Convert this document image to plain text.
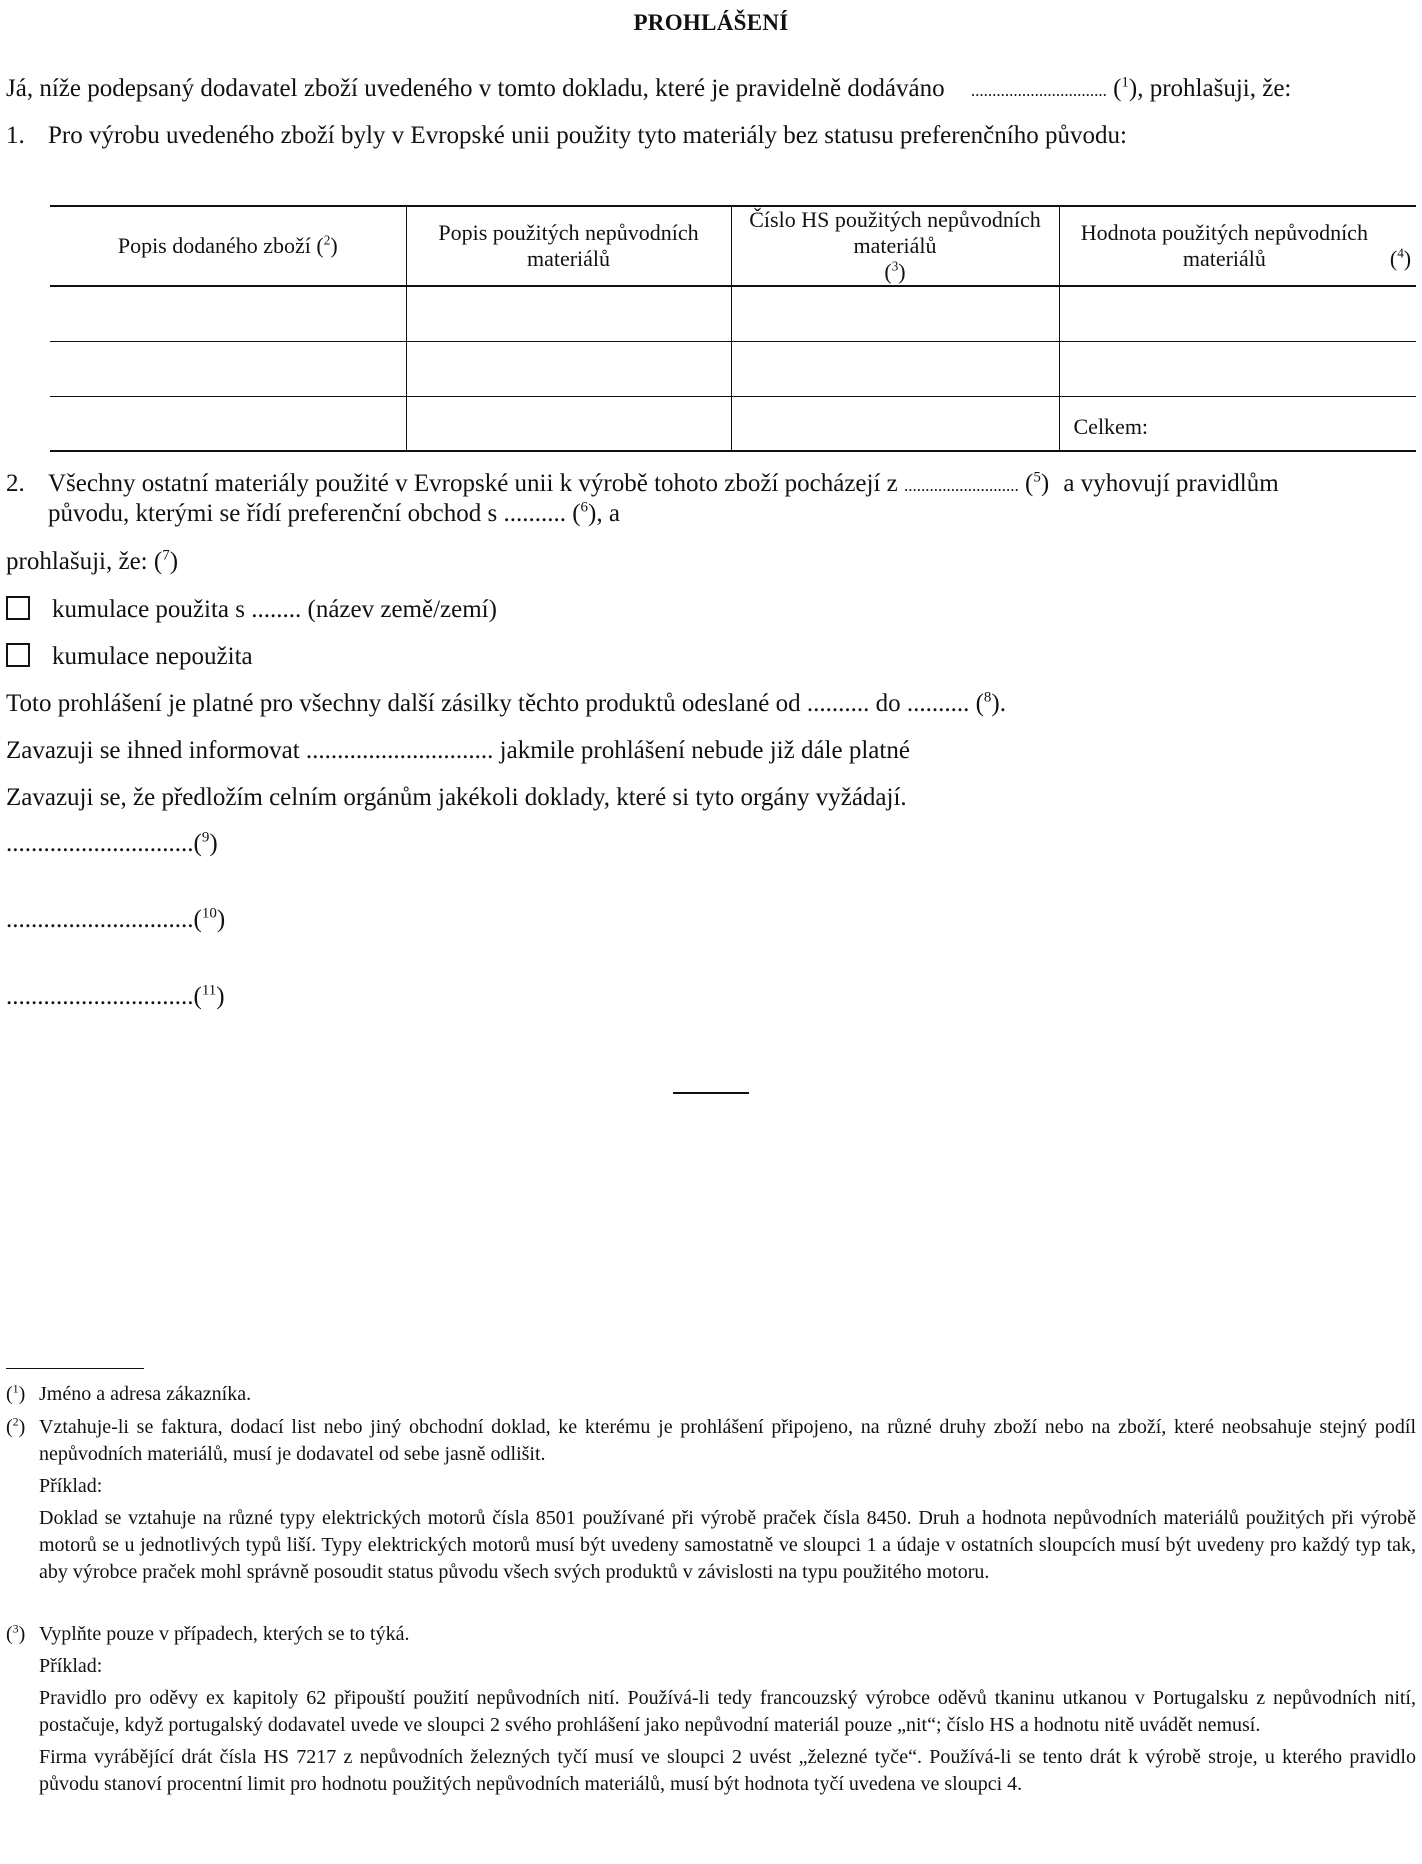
PROHLÁŠENÍ
Já, níže podepsaný dodavatel zboží uvedeného v tomto dokladu, které je pravidelně dodáváno ................................ ($^1$), prohlašuji, že:
1. Pro výrobu uvedeného zboží byly v Evropské unii použity tyto materiály bez statusu preferenčního původu:
Popis dodaného zboží ($^2$)	Popis použitých nepůvodních materiálů	Číslo HS použitých nepůvodních materiálů ($^3$)	Hodnota použitých nepůvodních materiálů ($^4$)

			Celkem:
2. Všechny ostatní materiály použité v Evropské unii k výrobě tohoto zboží pocházejí z ........................... ($^5$) a vyhovují pravidlům
původu, kterými se řídí preferenční obchod s .......... ($^6$), a
prohlašuji, že: ($^7$)
kumulace použita s ........ (název země/zemí)
kumulace nepoužita
Toto prohlášení je platné pro všechny další zásilky těchto produktů odeslané od .......... do .......... ($^8$).
Zavazuji se ihned informovat .............................. jakmile prohlášení nebude již dále platné
Zavazuji se, že předložím celním orgánům jakékoli doklady, které si tyto orgány vyžádají.
..............................($^9$)
..............................($^{10}$)
..............................($^{11}$)
($^1$) Jméno a adresa zákazníka.
($^2$) Vztahuje-li se faktura, dodací list nebo jiný obchodní doklad, ke kterému je prohlášení připojeno, na různé druhy zboží nebo na zboží, které neobsahuje stejný podíl nepůvodních materiálů, musí je dodavatel od sebe jasně odlišit.
Příklad:
Doklad se vztahuje na různé typy elektrických motorů čísla 8501 používané při výrobě praček čísla 8450. Druh a hodnota nepůvodních materiálů použitých při výrobě motorů se u jednotlivých typů liší. Typy elektrických motorů musí být uvedeny samostatně ve sloupci 1 a údaje v ostatních sloupcích musí být uvedeny pro každý typ tak, aby výrobce praček mohl správně posoudit status původu všech svých produktů v závislosti na typu použitého motoru.
($^3$) Vyplňte pouze v případech, kterých se to týká.
Příklad:
Pravidlo pro oděvy ex kapitoly 62 připouští použití nepůvodních nití. Používá-li tedy francouzský výrobce oděvů tkaninu utkanou v Portugalsku z nepůvodních nití, postačuje, když portugalský dodavatel uvede ve sloupci 2 svého prohlášení jako nepůvodní materiál pouze „nit“; číslo HS a hodnotu nitě uvádět nemusí.
Firma vyrábějící drát čísla HS 7217 z nepůvodních železných tyčí musí ve sloupci 2 uvést „železné tyče“. Používá-li se tento drát k výrobě stroje, u kterého pravidlo původu stanoví procentní limit pro hodnotu použitých nepůvodních materiálů, musí být hodnota tyčí uvedena ve sloupci 4.
